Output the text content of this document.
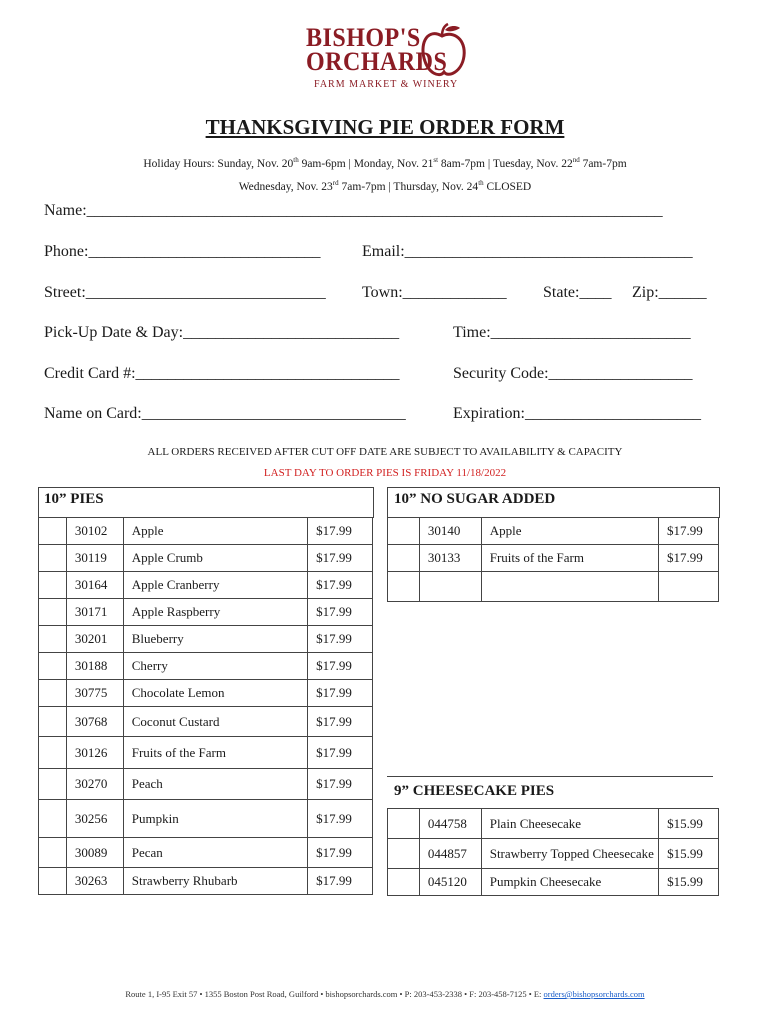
BISHOP'S
ORCHARDS
FARM MARKET & WINERY
THANKSGIVING PIE ORDER FORM
Holiday Hours: Sunday, Nov. 20th 9am-6pm | Monday, Nov. 21st 8am-7pm | Tuesday, Nov. 22nd 7am-7pm
Wednesday, Nov. 23rd 7am-7pm | Thursday, Nov. 24th CLOSED
Name:________________________________________________________________________
Phone:_____________________________	Email:____________________________________
Street:______________________________ Town:_____________ State:____ Zip:______
Pick-Up Date & Day:___________________________	Time:_________________________
Credit Card #:_________________________________	Security Code:__________________
Name on Card:_________________________________	Expiration:______________________
ALL ORDERS RECEIVED AFTER CUT OFF DATE ARE SUBJECT TO AVAILABILITY & CAPACITY
LAST DAY TO ORDER PIES IS FRIDAY 11/18/2022
10” PIES
	30102	Apple	$17.99
	30119	Apple Crumb	$17.99
	30164	Apple Cranberry	$17.99
	30171	Apple Raspberry	$17.99
	30201	Blueberry	$17.99
	30188	Cherry	$17.99
	30775	Chocolate Lemon	$17.99
	30768	Coconut Custard	$17.99
	30126	Fruits of the Farm	$17.99
	30270	Peach	$17.99
	30256	Pumpkin	$17.99
	30089	Pecan	$17.99
	30263	Strawberry Rhubarb	$17.99
10” NO SUGAR ADDED
	30140	Apple	$17.99
	30133	Fruits of the Farm	$17.99

9” CHEESECAKE PIES
	044758	Plain Cheesecake	$15.99
	044857	Strawberry Topped Cheesecake	$15.99
	045120	Pumpkin Cheesecake	$15.99
Route 1, I-95 Exit 57 • 1355 Boston Post Road, Guilford • bishopsorchards.com • P: 203-453-2338 • F: 203-458-7125 • E: orders@bishopsorchards.com
